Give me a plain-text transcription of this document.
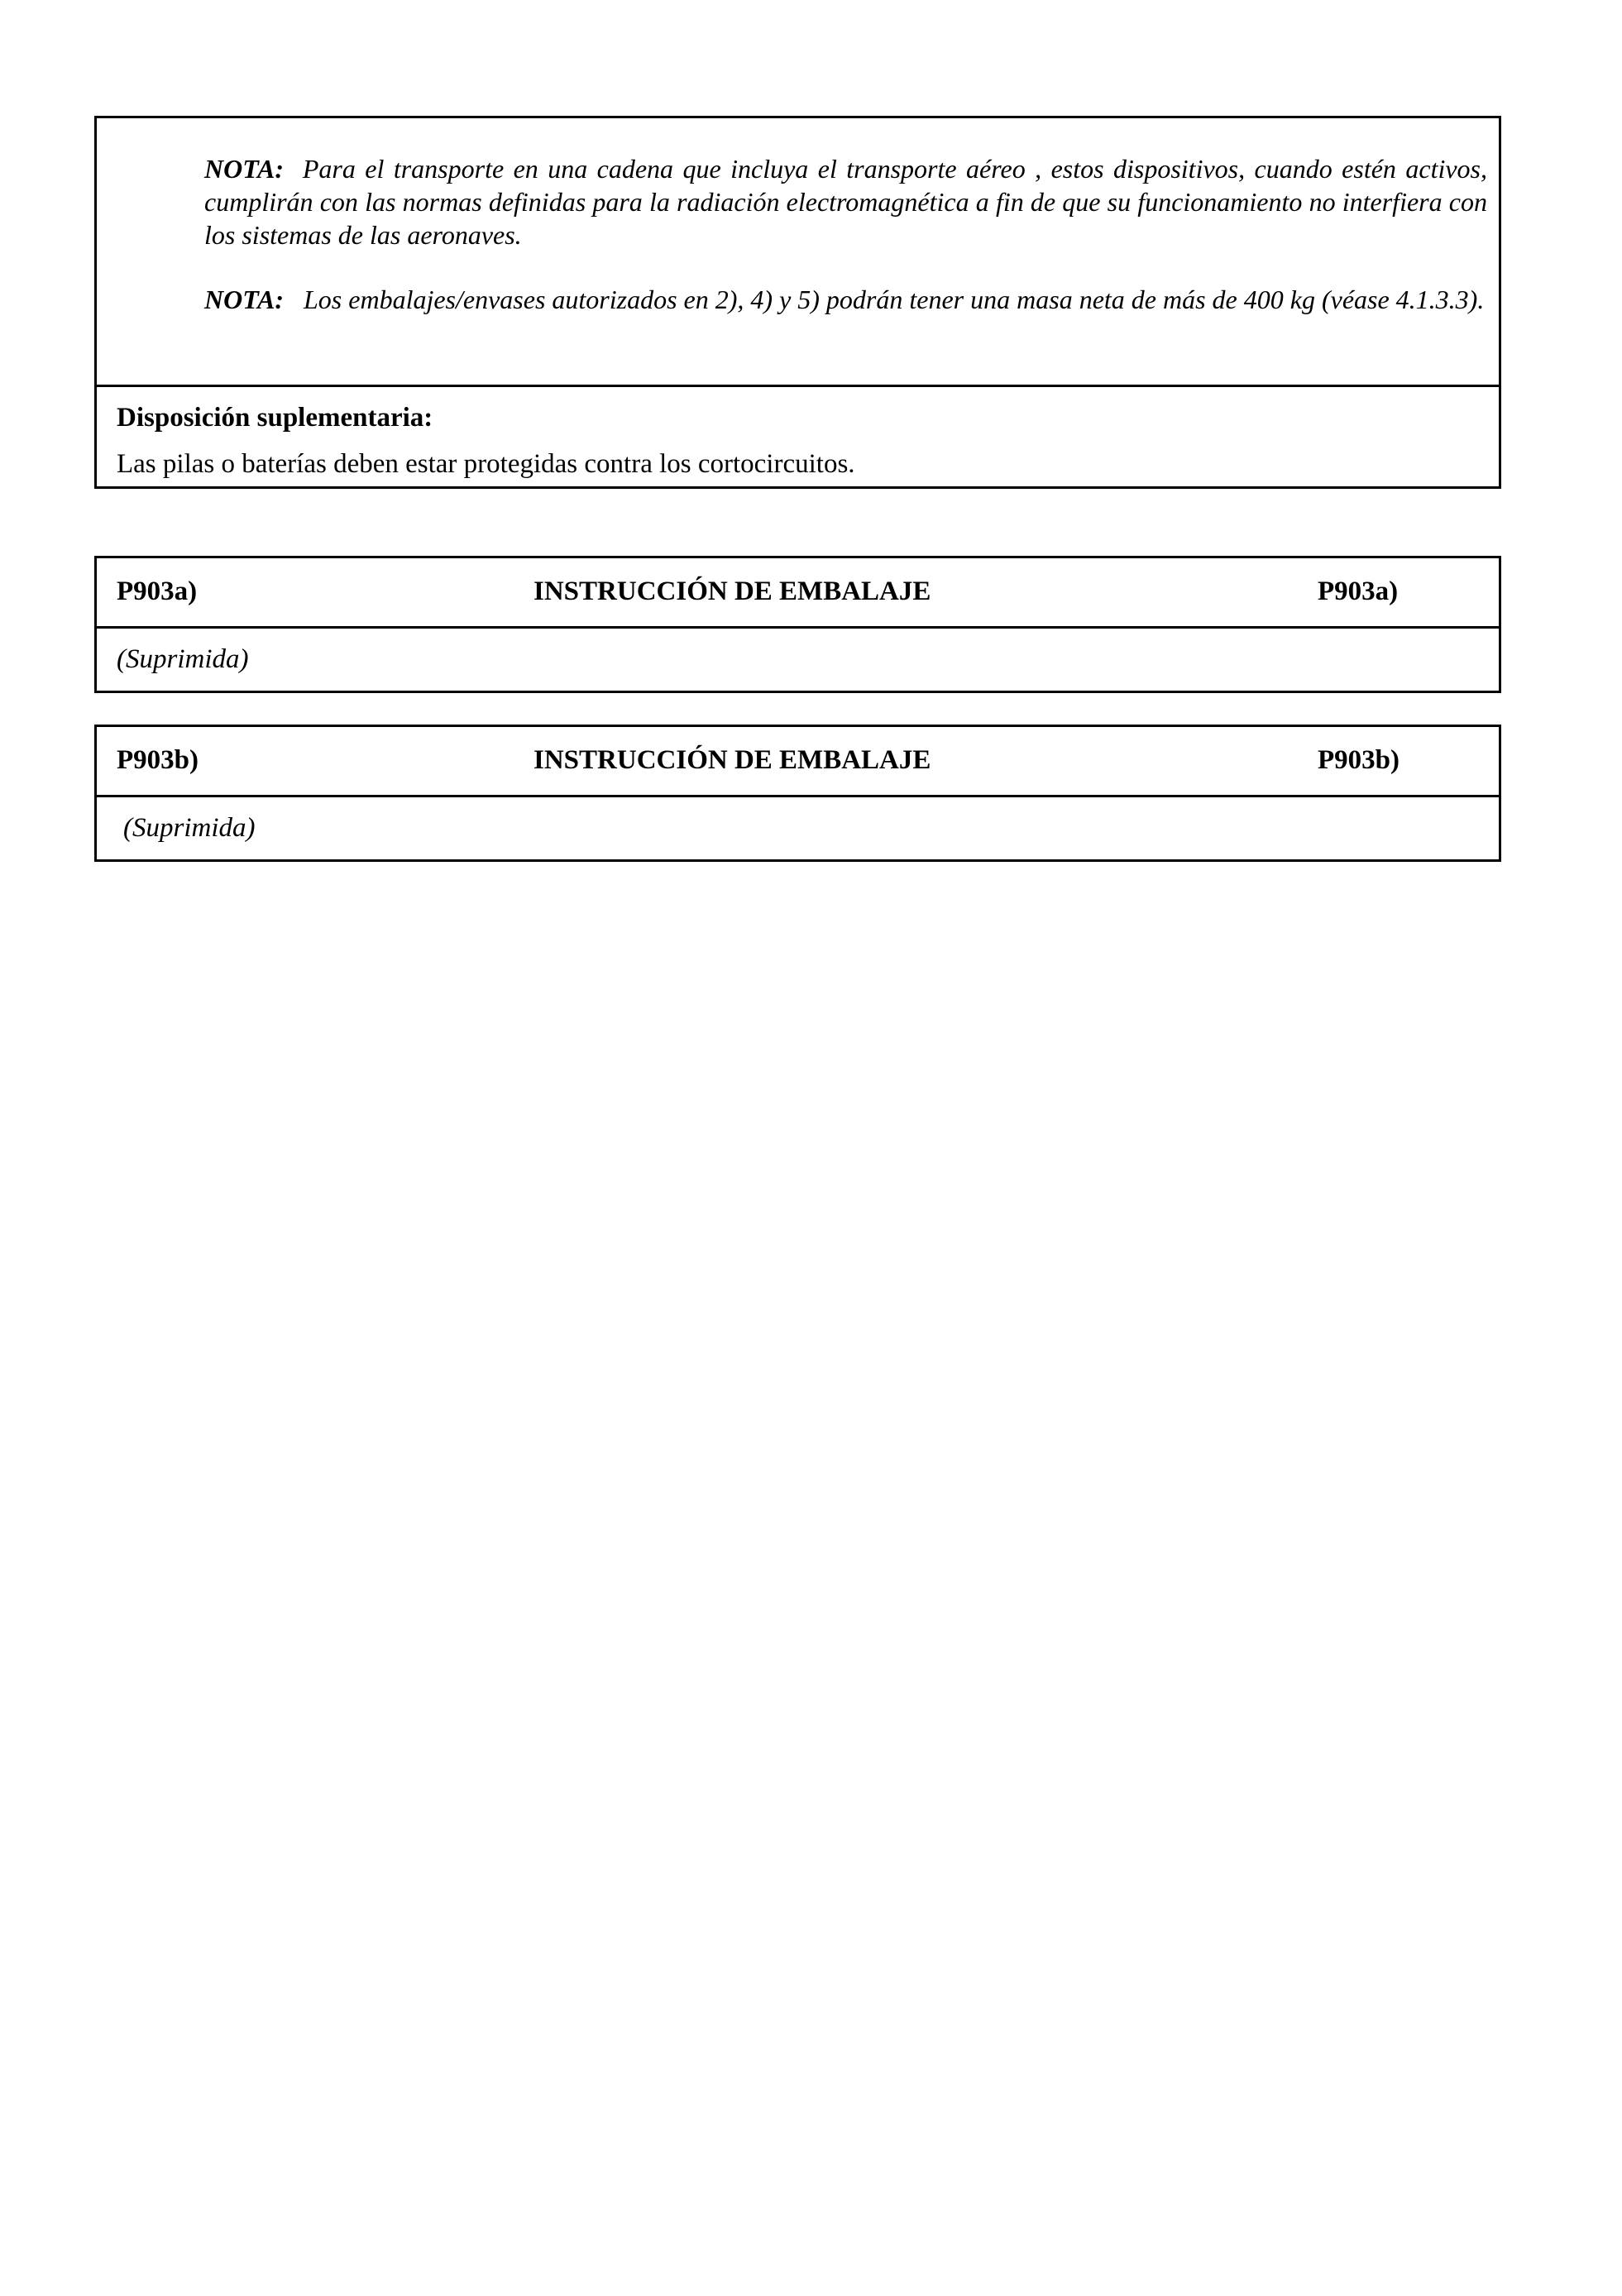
NOTA: Para el transporte en una cadena que incluya el transporte aéreo , estos dispositivos, cuando estén activos, cumplirán con las normas definidas para la radiación electromagnética a fin de que su funcionamiento no interfiera con los sistemas de las aeronaves.
NOTA: Los embalajes/envases autorizados en 2), 4) y 5) podrán tener una masa neta de más de 400 kg (véase 4.1.3.3).
Disposición suplementaria:
Las pilas o baterías deben estar protegidas contra los cortocircuitos.
P903a)	INSTRUCCIÓN DE EMBALAJE	P903a)
(Suprimida)
P903b)	INSTRUCCIÓN DE EMBALAJE	P903b)
(Suprimida)
